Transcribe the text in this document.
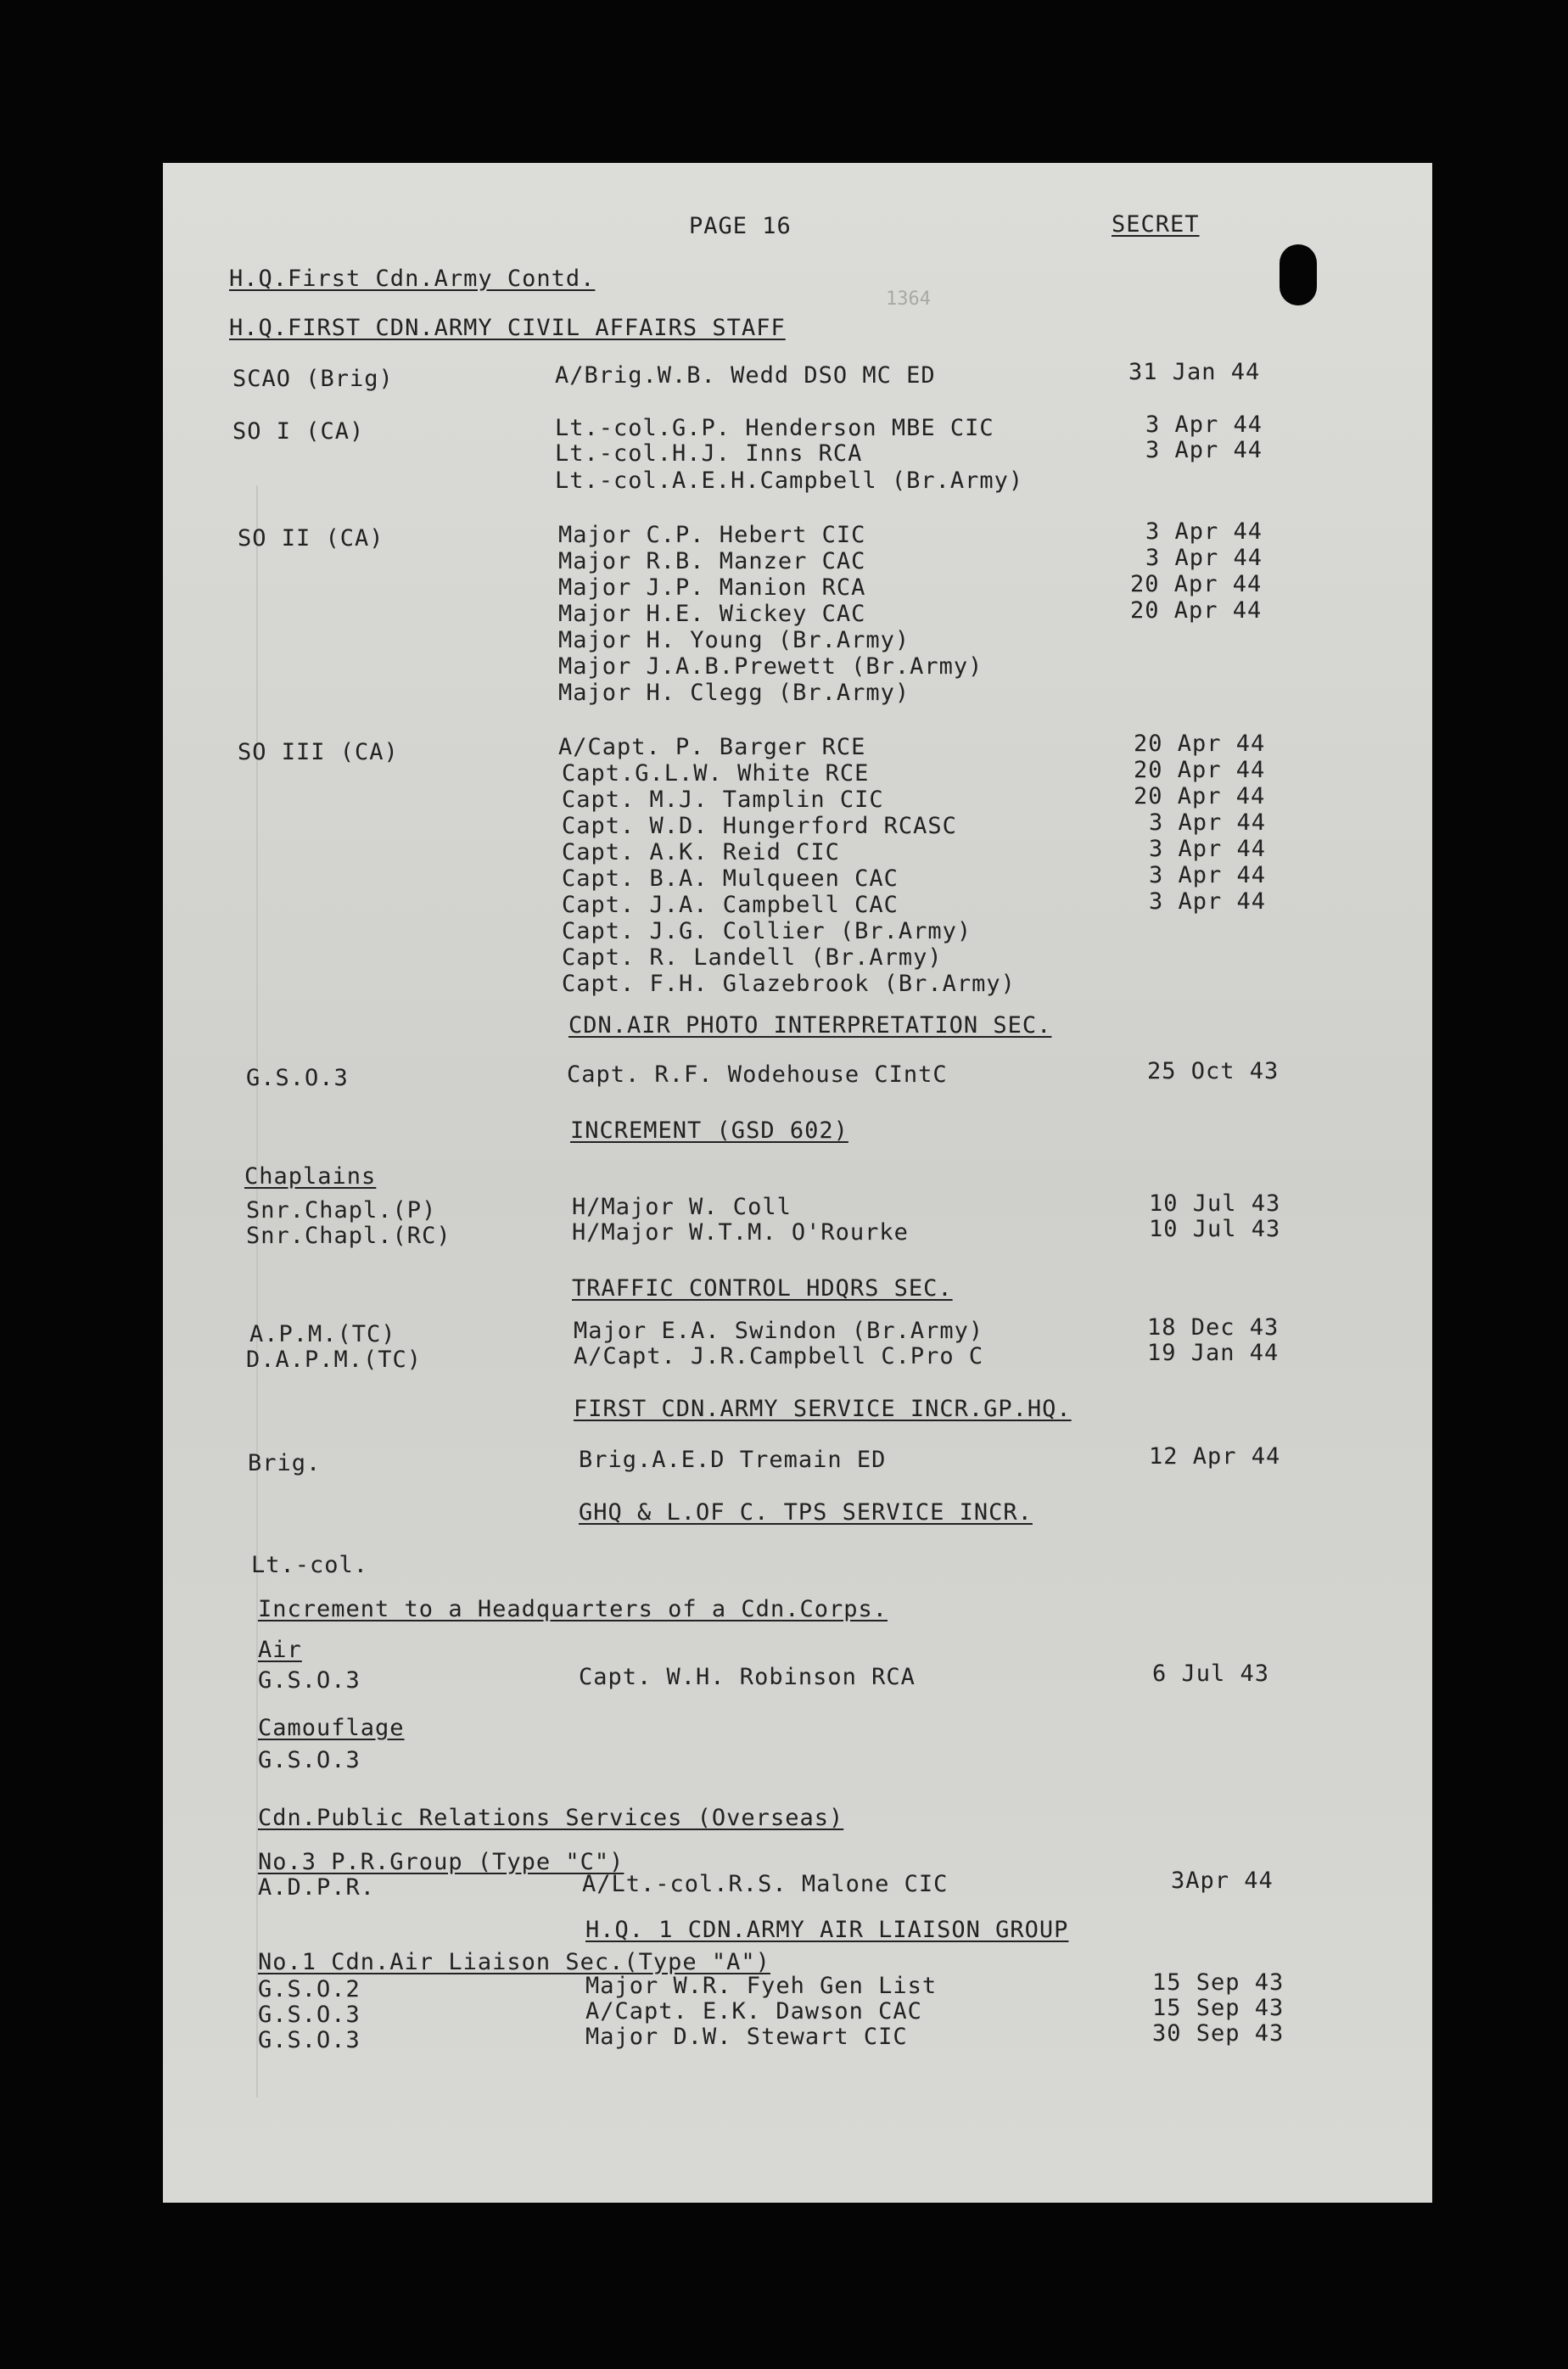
1364
PAGE 16	SECRET
H.Q.First Cdn.Army Contd.
H.Q.FIRST CDN.ARMY CIVIL AFFAIRS STAFF
SCAO (Brig)	A/Brig.W.B. Wedd DSO MC ED	31 Jan 44
SO I (CA)	Lt.-col.G.P. Henderson MBE CIC	3 Apr 44
Lt.-col.H.J. Inns RCA	3 Apr 44
Lt.-col.A.E.H.Campbell (Br.Army)
SO II (CA)	Major C.P. Hebert CIC	3 Apr 44
Major R.B. Manzer CAC	3 Apr 44
Major J.P. Manion RCA	20 Apr 44
Major H.E. Wickey CAC	20 Apr 44
Major H. Young (Br.Army)
Major J.A.B.Prewett (Br.Army)
Major H. Clegg (Br.Army)
SO III (CA)	A/Capt. P. Barger RCE	20 Apr 44
Capt.G.L.W. White RCE	20 Apr 44
Capt. M.J. Tamplin CIC	20 Apr 44
Capt. W.D. Hungerford RCASC	3 Apr 44
Capt. A.K. Reid CIC	3 Apr 44
Capt. B.A. Mulqueen CAC	3 Apr 44
Capt. J.A. Campbell CAC	3 Apr 44
Capt. J.G. Collier (Br.Army)
Capt. R. Landell (Br.Army)
Capt. F.H. Glazebrook (Br.Army)
CDN.AIR PHOTO INTERPRETATION SEC.
G.S.O.3	Capt. R.F. Wodehouse CIntC	25 Oct 43
INCREMENT (GSD 602)
Chaplains
Snr.Chapl.(P)	H/Major W. Coll	10 Jul 43
Snr.Chapl.(RC)	H/Major W.T.M. O'Rourke	10 Jul 43
TRAFFIC CONTROL HDQRS SEC.
A.P.M.(TC)	Major E.A. Swindon (Br.Army)	18 Dec 43
D.A.P.M.(TC)	A/Capt. J.R.Campbell C.Pro C	19 Jan 44
FIRST CDN.ARMY SERVICE INCR.GP.HQ.
Brig.	Brig.A.E.D Tremain ED	12 Apr 44
GHQ & L.OF C. TPS SERVICE INCR.
Lt.-col.
Increment to a Headquarters of a Cdn.Corps.
Air
G.S.O.3	Capt. W.H. Robinson RCA	6 Jul 43
Camouflage
G.S.O.3
Cdn.Public Relations Services (Overseas)
No.3 P.R.Group (Type "C")
A.D.P.R.	A/Lt.-col.R.S. Malone CIC	3Apr 44
H.Q. 1 CDN.ARMY AIR LIAISON GROUP
No.1 Cdn.Air Liaison Sec.(Type "A")
G.S.O.2	Major W.R. Fyeh Gen List	15 Sep 43
G.S.O.3	A/Capt. E.K. Dawson CAC	15 Sep 43
G.S.O.3	Major D.W. Stewart CIC	30 Sep 43
